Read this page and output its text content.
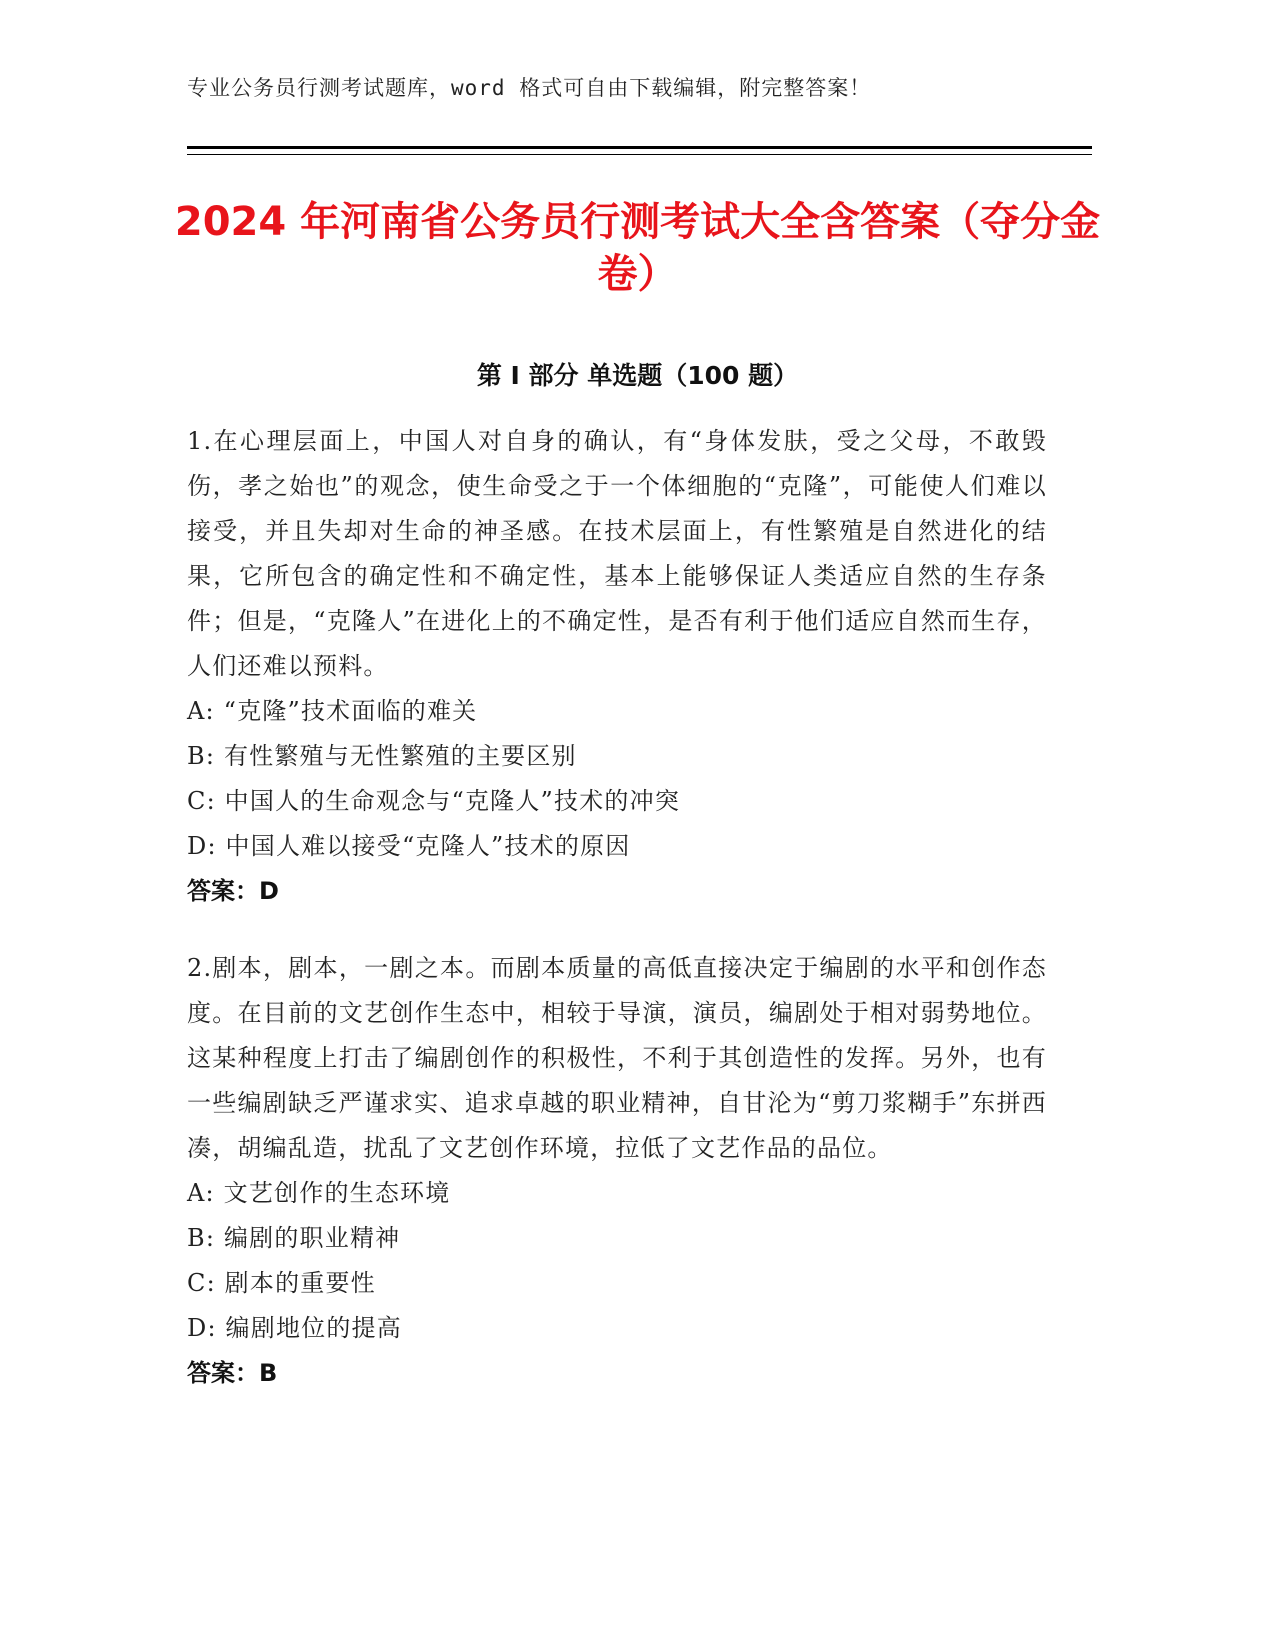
专业公务员行测考试题库，word 格式可自由下载编辑，附完整答案！
2024 年河南省公务员行测考试大全含答案（夺分金卷）
第 I 部分 单选题（100 题）
1.在心理层面上，中国人对自身的确认，有“身体发肤，受之父母，不敢毁伤，孝之始也”的观念，使生命受之于一个体细胞的“克隆”，可能使人们难以接受，并且失却对生命的神圣感。在技术层面上，有性繁殖是自然进化的结果，它所包含的确定性和不确定性，基本上能够保证人类适应自然的生存条件；但是，“克隆人”在进化上的不确定性，是否有利于他们适应自然而生存，人们还难以预料。
A: “克隆”技术面临的难关
B: 有性繁殖与无性繁殖的主要区别
C: 中国人的生命观念与“克隆人”技术的冲突
D: 中国人难以接受“克隆人”技术的原因
答案：D
2.剧本，剧本，一剧之本。而剧本质量的高低直接决定于编剧的水平和创作态度。在目前的文艺创作生态中，相较于导演，演员，编剧处于相对弱势地位。这某种程度上打击了编剧创作的积极性，不利于其创造性的发挥。另外，也有一些编剧缺乏严谨求实、追求卓越的职业精神，自甘沦为“剪刀浆糊手”东拼西凑，胡编乱造，扰乱了文艺创作环境，拉低了文艺作品的品位。
A: 文艺创作的生态环境
B: 编剧的职业精神
C: 剧本的重要性
D: 编剧地位的提高
答案：B
